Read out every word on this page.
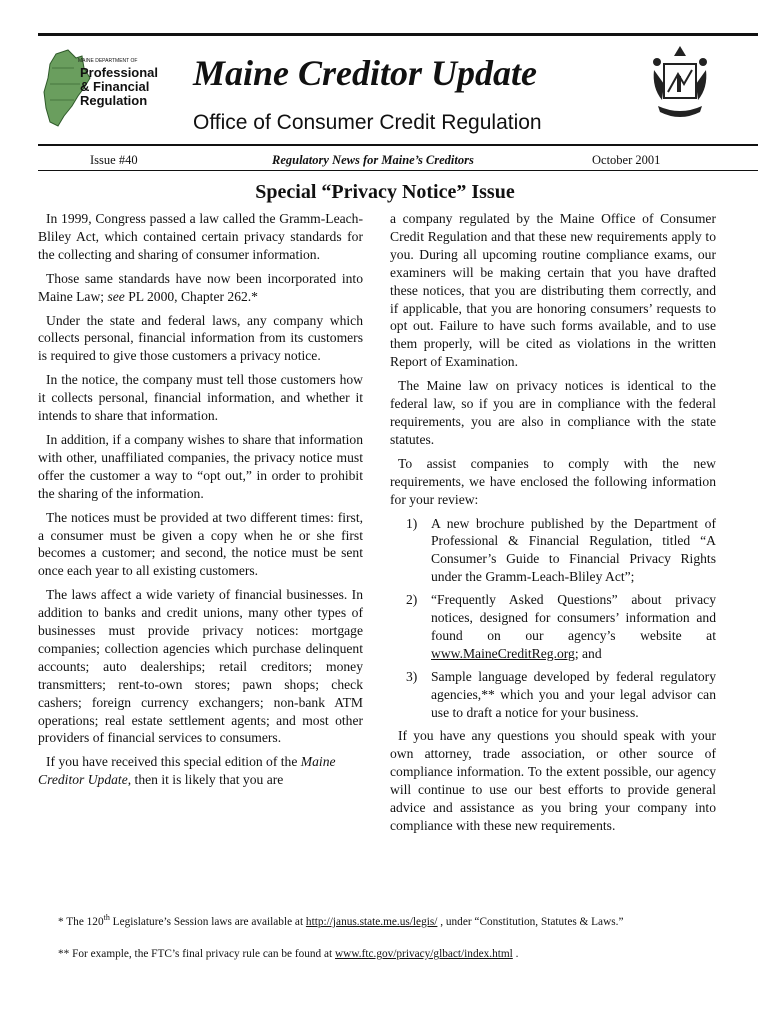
MAINE DEPARTMENT OF
Professional
& Financial
Regulation
Maine Creditor Update
Office of Consumer Credit Regulation
Issue #40	Regulatory News for Maine’s Creditors	October 2001
Special “Privacy Notice” Issue

In 1999, Congress passed a law called the Gramm-Leach-Bliley Act, which contained certain privacy standards for the collecting and sharing of consumer information.

Those same standards have now been incorporated into Maine Law; see PL 2000, Chapter 262.*

Under the state and federal laws, any company which collects personal, financial information from its customers is required to give those customers a privacy notice.

In the notice, the company must tell those customers how it collects personal, financial information, and whether it intends to share that information.

In addition, if a company wishes to share that information with other, unaffiliated companies, the privacy notice must offer the customer a way to “opt out,” in order to prohibit the sharing of the information.

The notices must be provided at two different times: first, a consumer must be given a copy when he or she first becomes a customer; and second, the notice must be sent once each year to all existing customers.

The laws affect a wide variety of financial businesses. In addition to banks and credit unions, many other types of businesses must provide privacy notices: mortgage companies; collection agencies which purchase delinquent accounts; auto dealerships; retail creditors; money transmitters; rent-to-own stores; pawn shops; check cashers; foreign currency exchangers; non-bank ATM operations; real estate settlement agents; and most other providers of financial services to consumers.

If you have received this special edition of the Maine Creditor Update, then it is likely that you are

a company regulated by the Maine Office of Consumer Credit Regulation and that these new requirements apply to you. During all upcoming routine compliance exams, our examiners will be making certain that you have drafted these notices, that you are distributing them correctly, and if applicable, that you are honoring consumers’ requests to opt out. Failure to have such forms available, and to use them properly, will be cited as violations in the written Report of Examination.

The Maine law on privacy notices is identical to the federal law, so if you are in compliance with the federal requirements, you are also in compliance with the state statutes.

To assist companies to comply with the new requirements, we have enclosed the following information for your review:

1) A new brochure published by the Department of Professional & Financial Regulation, titled “A Consumer’s Guide to Financial Privacy Rights under the Gramm-Leach-Bliley Act”;
2) “Frequently Asked Questions” about privacy notices, designed for consumers’ information and found on our agency’s website at www.MaineCreditReg.org; and
3) Sample language developed by federal regulatory agencies,** which you and your legal advisor can use to draft a notice for your business.

If you have any questions you should speak with your own attorney, trade association, or other source of compliance information. To the extent possible, our agency will continue to use our best efforts to provide general advice and assistance as you bring your company into compliance with these new requirements.

* The 120th Legislature’s Session laws are available at http://janus.state.me.us/legis/ , under “Constitution, Statutes & Laws.”
** For example, the FTC’s final privacy rule can be found at www.ftc.gov/privacy/glbact/index.html .
